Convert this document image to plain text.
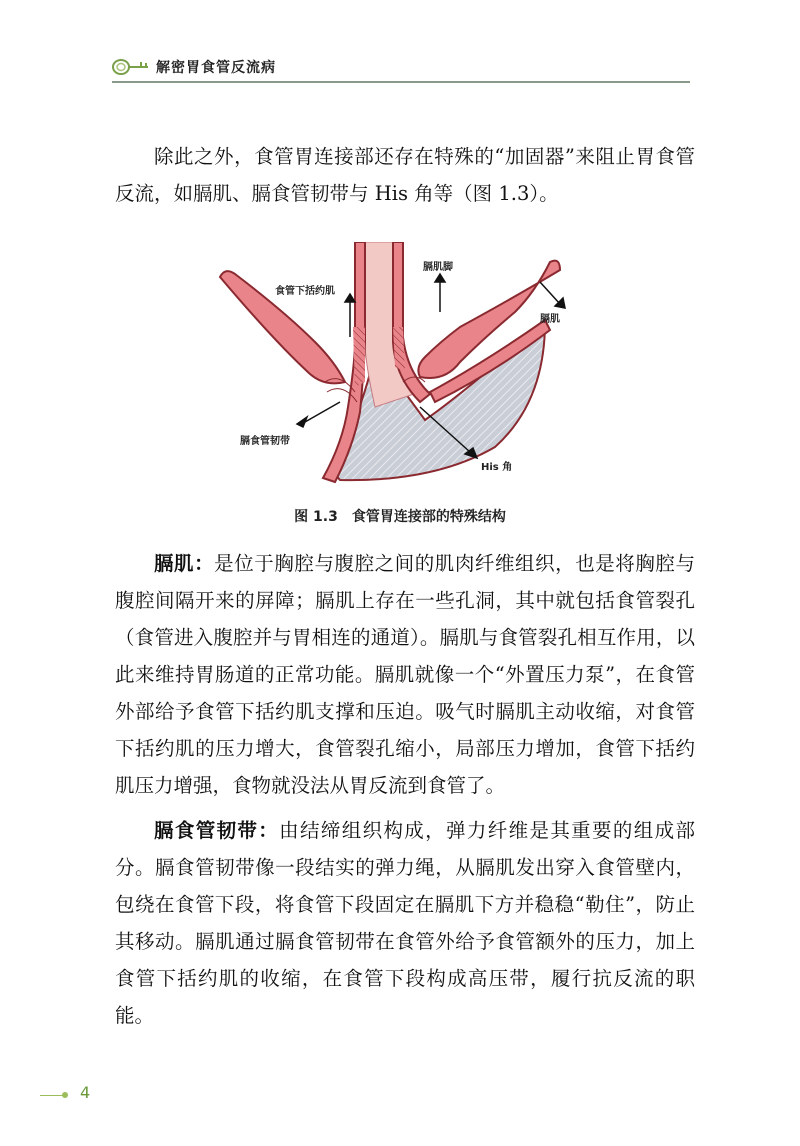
解密胃食管反流病

除此之外，食管胃连接部还存在特殊的“加固器”来阻止胃食管反流，如膈肌、膈食管韧带与 His 角等（图 1.3）。

食管下括约肌
膈肌脚
膈肌
膈食管韧带
His 角
图 1.3 食管胃连接部的特殊结构

膈肌：是位于胸腔与腹腔之间的肌肉纤维组织，也是将胸腔与腹腔间隔开来的屏障；膈肌上存在一些孔洞，其中就包括食管裂孔（食管进入腹腔并与胃相连的通道）。膈肌与食管裂孔相互作用，以此来维持胃肠道的正常功能。膈肌就像一个“外置压力泵”，在食管外部给予食管下括约肌支撑和压迫。吸气时膈肌主动收缩，对食管下括约肌的压力增大，食管裂孔缩小，局部压力增加，食管下括约肌压力增强，食物就没法从胃反流到食管了。

膈食管韧带：由结缔组织构成，弹力纤维是其重要的组成部分。膈食管韧带像一段结实的弹力绳，从膈肌发出穿入食管壁内，包绕在食管下段，将食管下段固定在膈肌下方并稳稳“勒住”，防止其移动。膈肌通过膈食管韧带在食管外给予食管额外的压力，加上食管下括约肌的收缩，在食管下段构成高压带，履行抗反流的职能。

4
